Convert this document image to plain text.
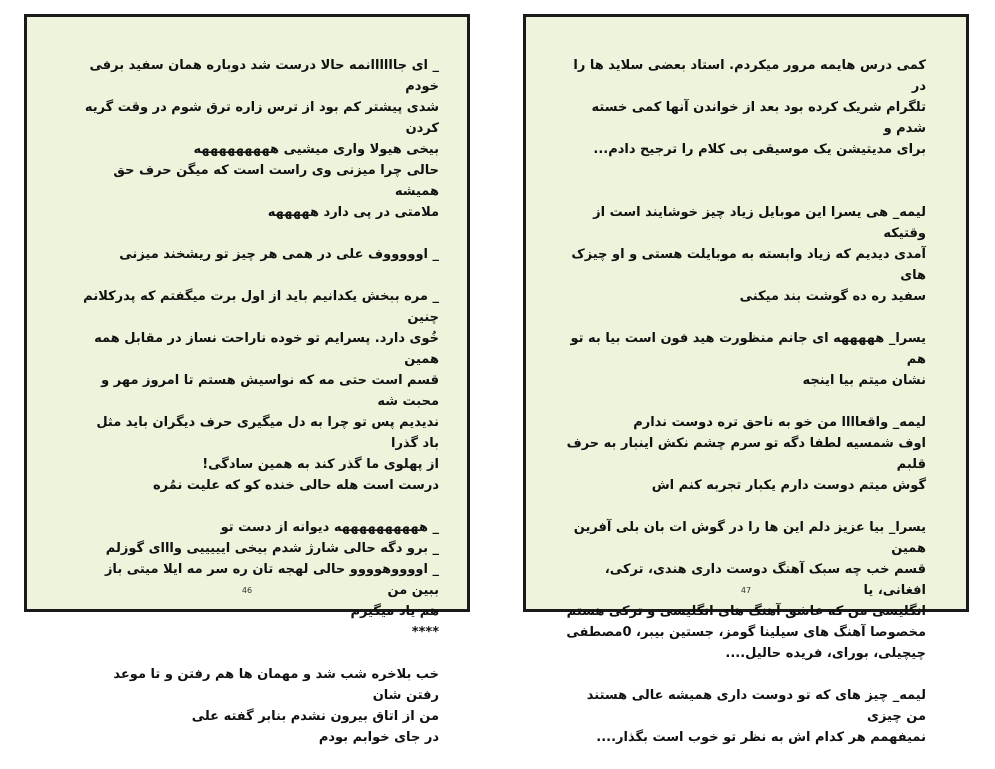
_ ای جاااااانمه حالا درست شد دوباره همان سفید برفی خودم
شدی پیشتر کم بود از ترس زاره ترق شوم در وقت گریه کردن
بیخی هیولا واری میشیی هههههههههه
حالی چرا میزنی وی راست است که میگن حرف حق همیشه
ملامتی در پی دارد هههههه

_ اوووووف علی در همی هر چیز تو ریشخند میزنی

_ مره ببخش یکدانیم باید از اول برت میگفتم که پدرکلانم چنین
خُوی دارد. پسرایم تو خوده ناراحت نساز در مقابل همه همین
قسم است حتی مه که نواسیش هستم تا امروز مهر و محبت شه
ندیدیم پس تو چرا به دل میگیری حرف دیگران باید مثل باد گذرا
از پهلوی ما گذر کند به همین سادگی!
درست است هله حالی خنده کو که علیت نمُره

_ ههههههههههه دیوانه از دست تو
_ برو دگه حالی شارژ شدم بیخی ایییییی وااای گوزلم
_ اووووهوووو حالی لهجه تان ره سر مه ایلا میتی باز ببین من
هم یاد میگیرم
****

خب بلاخره شب شد و مهمان ها هم رفتن و تا موعد رفتن شان
من از اتاق بیرون نشدم بنابر گفته علی
در جای خوابم بودم

46

کمی درس هایمه مرور میکردم. استاد بعضی سلاید ها را در
تلگرام شریک کرده بود بعد از خواندن آنها کمی خسته شدم و
برای مدیتیشن یک موسیقی بی کلام را ترجیح دادم...

لیمه_ هی یسرا این موبایل زیاد چیز خوشایند است از وقتیکه
آمدی دیدیم که زیاد وابسته به موبایلت هستی و او چیزک های
سفید ره ده گوشت بند میکنی

یسرا_ هههههه ای جانم منظورت هید فون است بیا به تو هم
نشان میتم بیا اینجه

لیمه_ واقعاااا من خو به ناحق تره دوست ندارم
اوف شمسیه لطفا دگه تو سرم چشم نکش اینبار به حرف قلبم
گوش میتم دوست دارم یکبار تجربه کنم اش

یسرا_ بیا عزیز دلم این ها را در گوش ات بان بلی آفرین همین
قسم خب چه سبک آهنگ دوست داری هندی، ترکی، افغانی، یا
انگلیسی من که عاشق آهنگ های انگلیسی و ترکی هستم
مخصوصا آهنگ های سیلینا گومز، جستین بیبر، 0مصطفی
چیچیلی، بورای، فریده حالیل....

لیمه_ چیز های که تو دوست داری همیشه عالی هستند من چیزی
نمیفهمم هر کدام اش به نظر تو خوب است بگذار....

47
